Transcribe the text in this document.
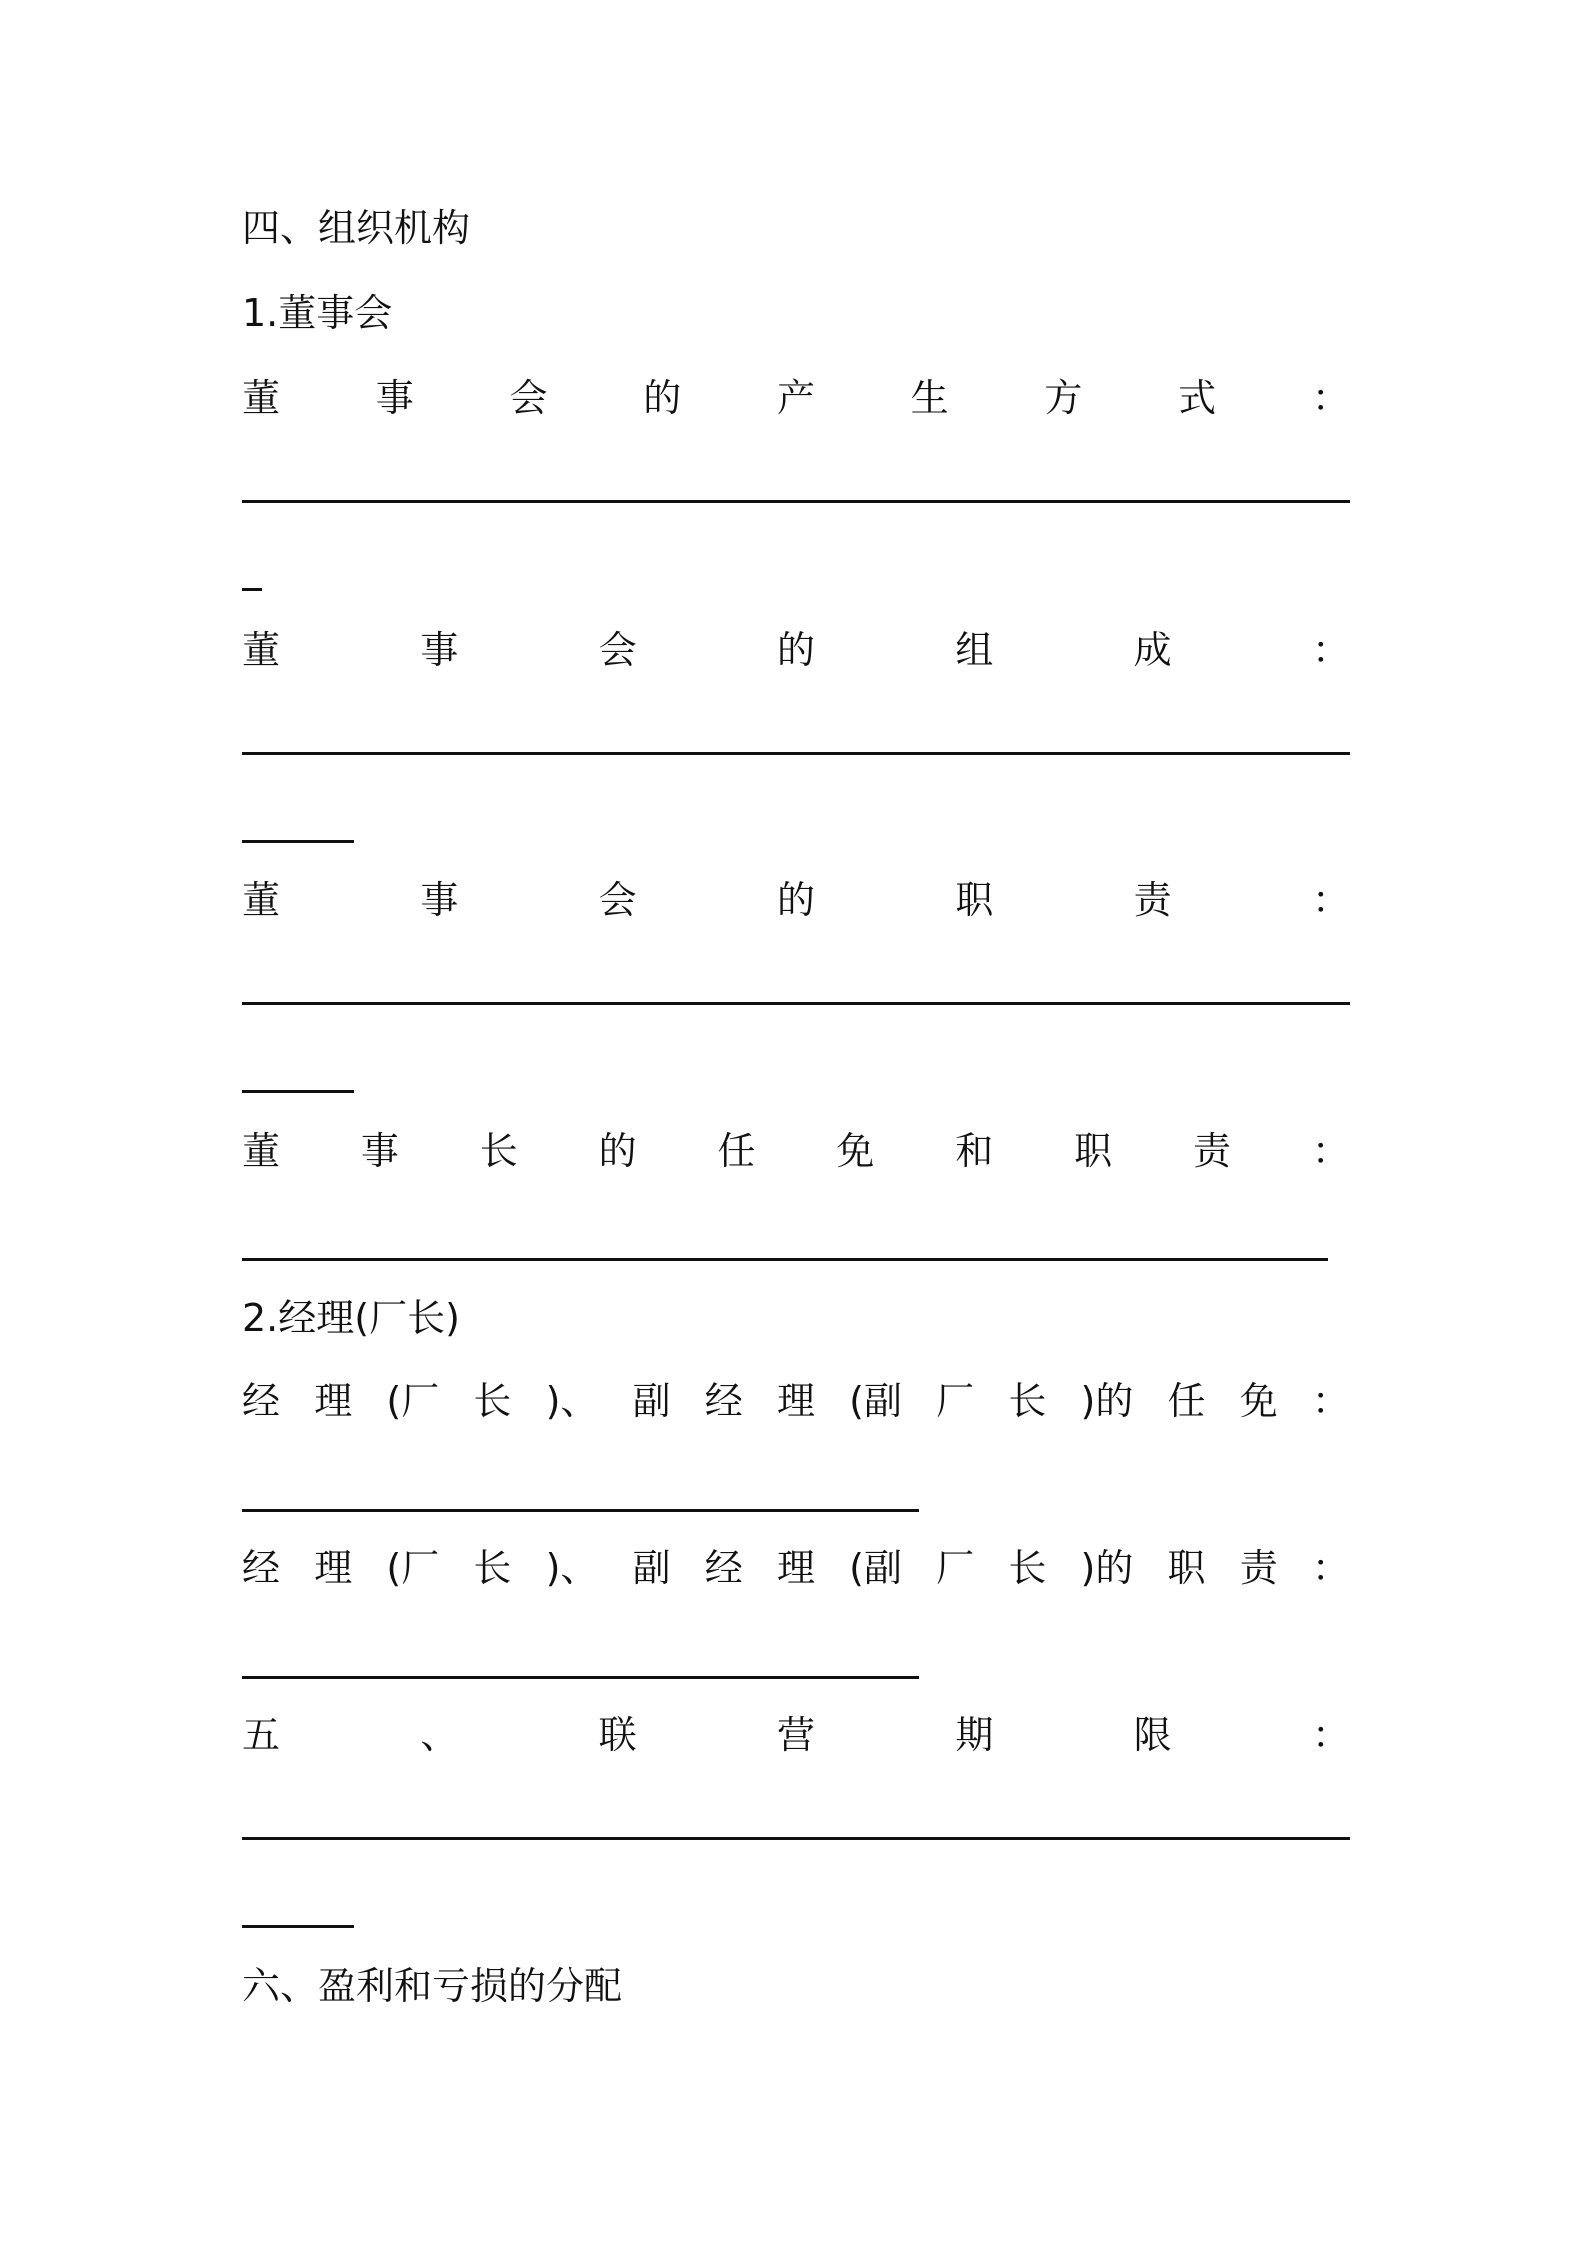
四、组织机构
1.董事会
董	事	会	的	产	生	方	式	：
董	事	会	的	组	成	：
董	事	会	的	职	责	：
董 事 长 的 任 免 和 职 责 ：
2.经理(厂长)
经 理 (厂 长 )、 副 经 理 (副 厂 长 )的 任 免 ：
经 理 (厂 长 )、 副 经 理 (副 厂 长 )的 职 责 ：
五	、	联	营	期	限	：
六、盈利和亏损的分配
